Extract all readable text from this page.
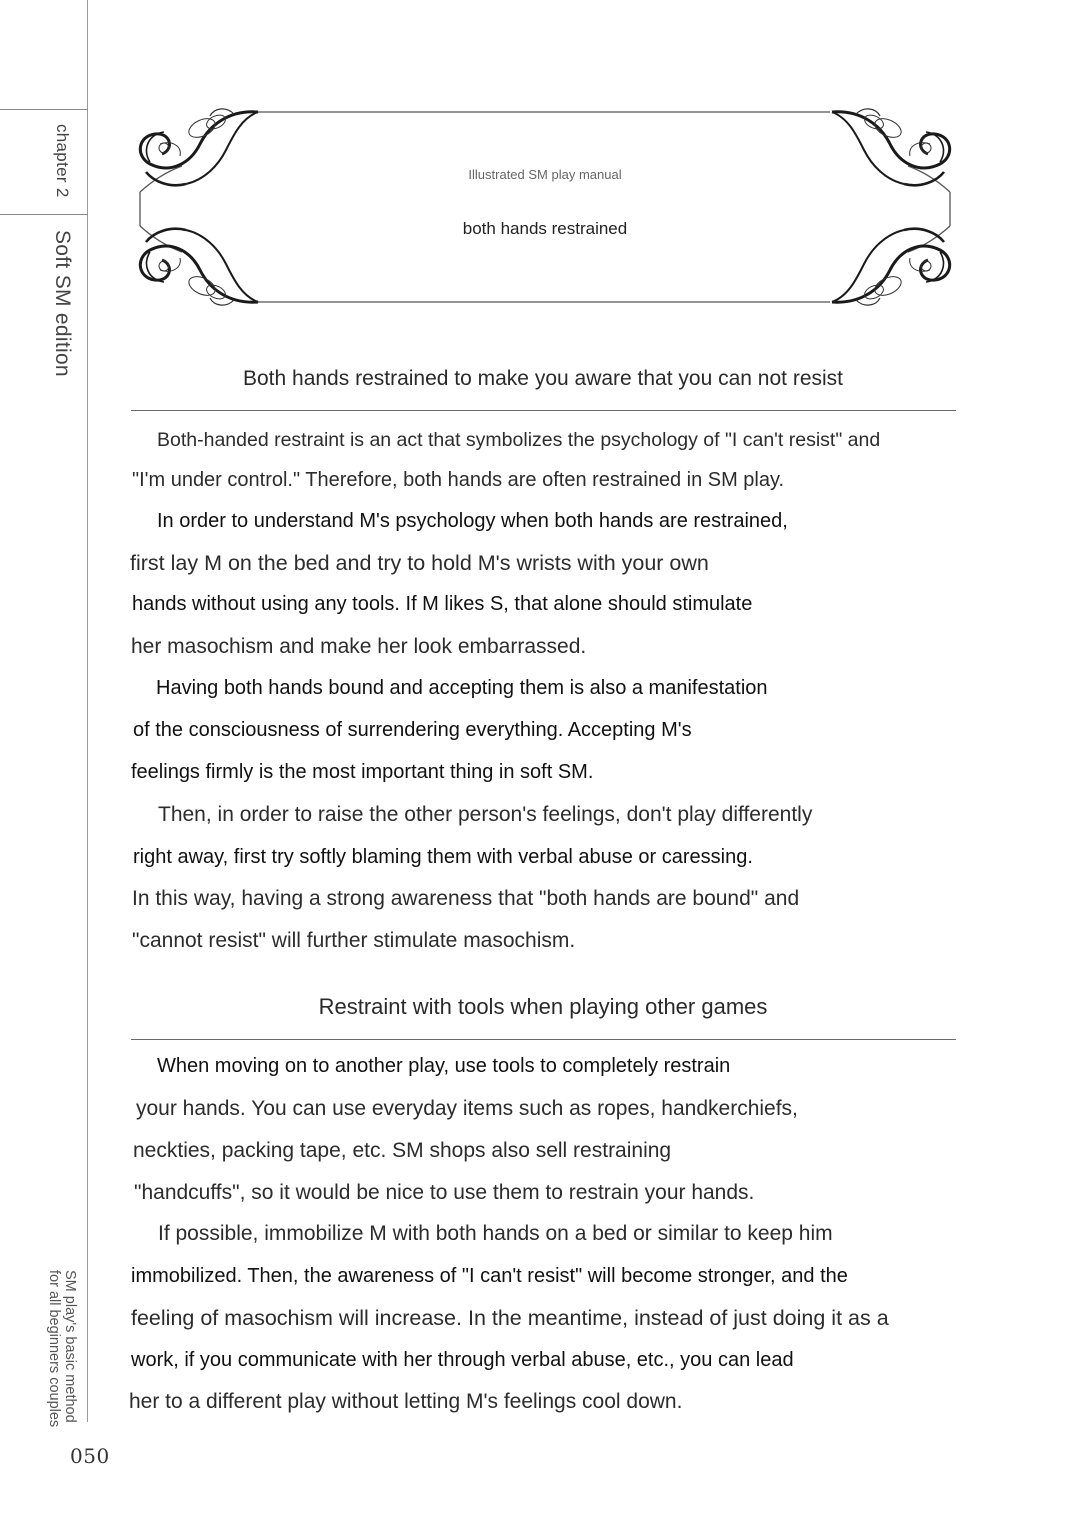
chapter 2
Soft SM edition
SM play's basic method
for all beginners couples
050
Illustrated SM play manual
both hands restrained
Both hands restrained to make you aware that you can not resist
Both-handed restraint is an act that symbolizes the psychology of "I can't resist" and
"I'm under control." Therefore, both hands are often restrained in SM play.
In order to understand M's psychology when both hands are restrained,
first lay M on the bed and try to hold M's wrists with your own
hands without using any tools. If M likes S, that alone should stimulate
her masochism and make her look embarrassed.
Having both hands bound and accepting them is also a manifestation
of the consciousness of surrendering everything. Accepting M's
feelings firmly is the most important thing in soft SM.
Then, in order to raise the other person's feelings, don't play differently
right away, first try softly blaming them with verbal abuse or caressing.
In this way, having a strong awareness that "both hands are bound" and
"cannot resist" will further stimulate masochism.
Restraint with tools when playing other games
When moving on to another play, use tools to completely restrain
your hands. You can use everyday items such as ropes, handkerchiefs,
neckties, packing tape, etc. SM shops also sell restraining
"handcuffs", so it would be nice to use them to restrain your hands.
If possible, immobilize M with both hands on a bed or similar to keep him
immobilized. Then, the awareness of "I can't resist" will become stronger, and the
feeling of masochism will increase. In the meantime, instead of just doing it as a
work, if you communicate with her through verbal abuse, etc., you can lead
her to a different play without letting M's feelings cool down.
